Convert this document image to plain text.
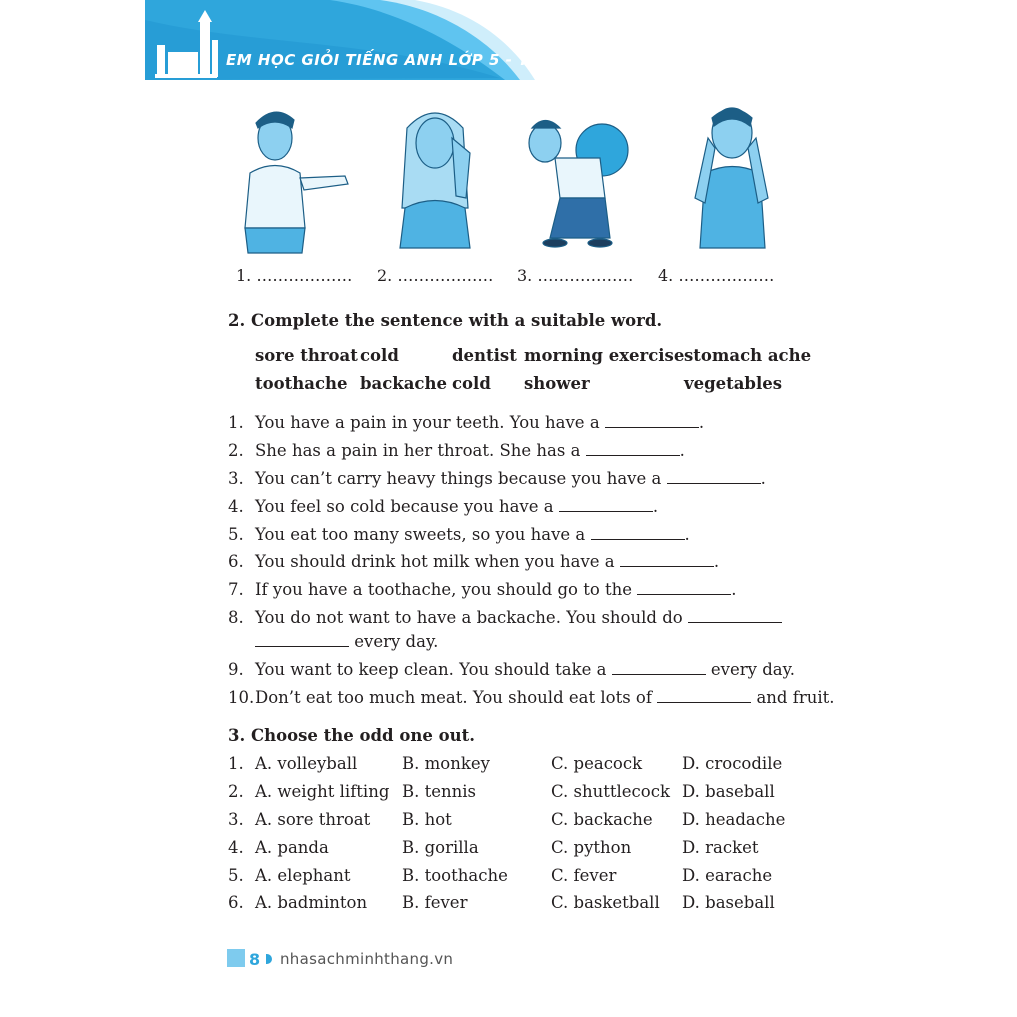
EM HỌC GIỎI TIẾNG ANH LỚP 5 - TẬP 2
1. ……………… 2. ……………… 3. ……………… 4. ………………
2. Complete the sentence with a suitable word.
sore throat cold	dentist morning exercise stomach ache
toothache backache cold shower	vegetables
1. You have a pain in your teeth. You have a	.
2. She has a pain in her throat. She has a	.
3. You can’t carry heavy things because you have a	.
4. You feel so cold because you have a	.
5. You eat too many sweets, so you have a	.
6. You should drink hot milk when you have a	.
7. If you have a toothache, you should go to the	.
8. You do not want to have a backache. You should do
every day.
9. You want to keep clean. You should take a	every day.
10. Don’t eat too much meat. You should eat lots of	and fruit.
3. Choose the odd one out.
1. A. volleyball	B. monkey	C. peacock D. crocodile
2. A. weight lifting B. tennis	C. shuttlecock D. baseball
3. A. sore throat B. hot	C. backache D. headache
4. A. panda	B. gorilla	C. python	D. racket
5. A. elephant	B. toothache	C. fever	D. earache
6. A. badminton B. fever	C. basketball D. baseball
8 nhasachminhthang.vn
